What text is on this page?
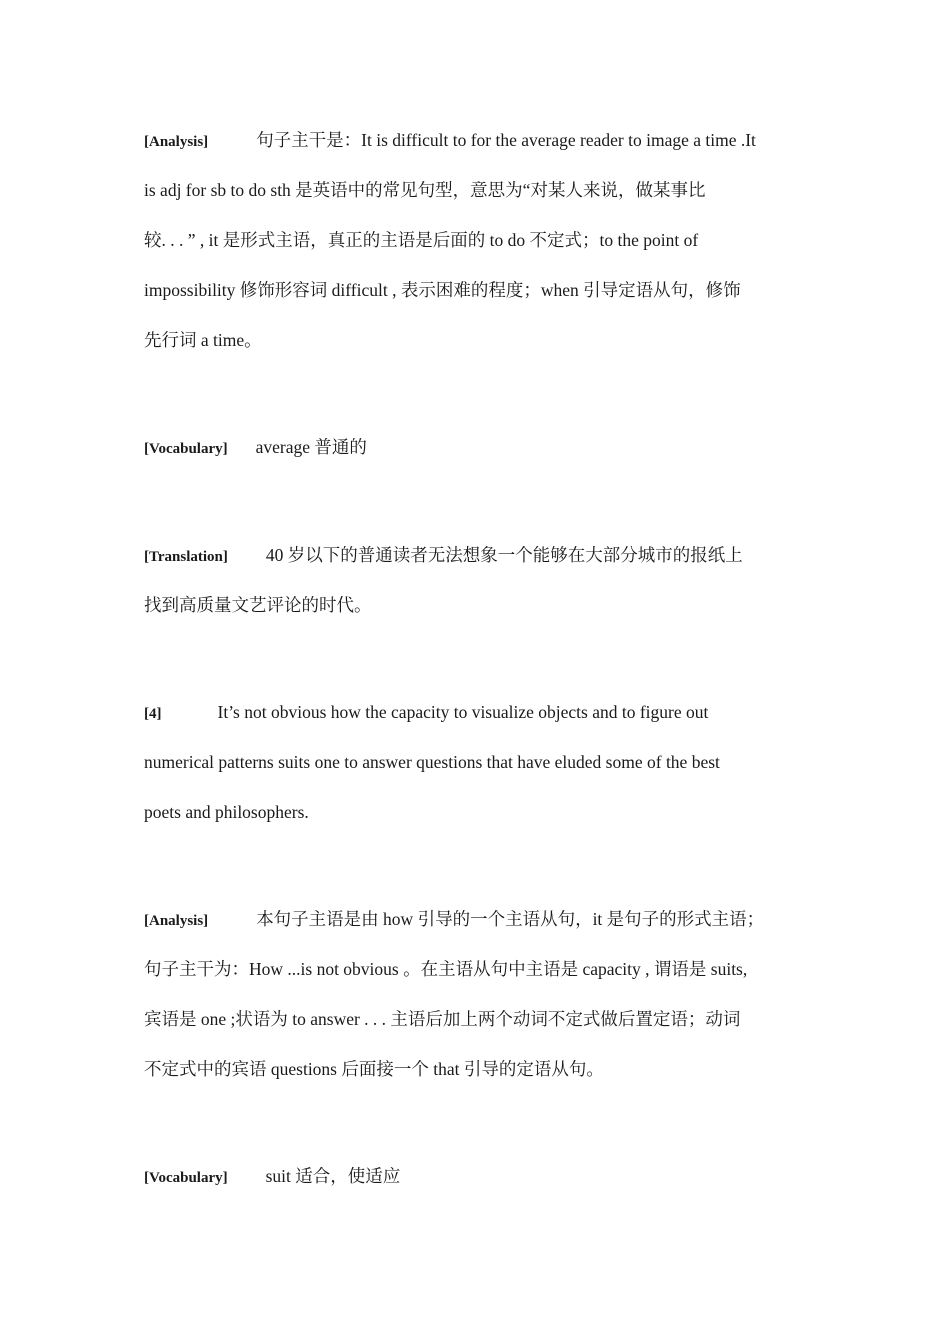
[Analysis]	句子主干是：It is difficult to for the average reader to image a time .It
is adj for sb to do sth 是英语中的常见句型，意思为“对某人来说，做某事比
较. . . ” , it 是形式主语，真正的主语是后面的 to do 不定式；to the point of
impossibility 修饰形容词 difficult , 表示困难的程度；when 引导定语从句，修饰
先行词 a time。
[Vocabulary] average 普通的
[Translation] 40 岁以下的普通读者无法想象一个能够在大部分城市的报纸上
找到高质量文艺评论的时代。
[4]	It’s not obvious how the capacity to visualize objects and to figure out
numerical patterns suits one to answer questions that have eluded some of the best
poets and philosophers.
[Analysis]	本句子主语是由 how 引导的一个主语从句，it 是句子的形式主语；
句子主干为：How ...is not obvious 。在主语从句中主语是 capacity , 谓语是 suits,
宾语是 one ;状语为 to answer . . . 主语后加上两个动词不定式做后置定语；动词
不定式中的宾语 questions 后面接一个 that 引导的定语从句。
[Vocabulary] suit 适合，使适应
